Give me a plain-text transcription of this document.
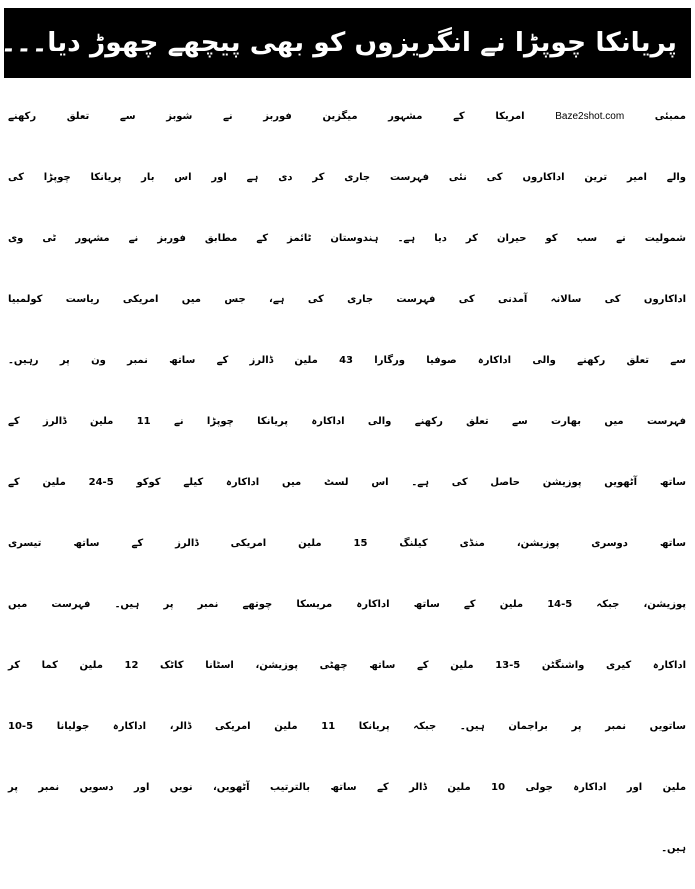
پریانکا چوپڑا نے انگریزوں کو بھی پیچھے چھوڑ دیا۔۔۔
ممبئی Baze2shot.com امریکا کے مشہور میگزین فوربز نے شوبز سے تعلق رکھنے
والے امیر ترین اداکاروں کی نئی فہرست جاری کر دی ہے اور اس بار پریانکا چوپڑا کی
شمولیت نے سب کو حیران کر دیا ہے۔ ہندوستان ٹائمز کے مطابق فوربز نے مشہور ٹی وی
اداکاروں کی سالانہ آمدنی کی فہرست جاری کی ہے، جس میں امریکی ریاست کولمبیا
سے تعلق رکھنے والی اداکارہ صوفیا ورگارا 43 ملین ڈالرز کے ساتھ نمبر ون پر رہیں۔
فہرست میں بھارت سے تعلق رکھنے والی اداکارہ پریانکا چوپڑا نے 11 ملین ڈالرز کے
ساتھ آٹھویں پوزیشن حاصل کی ہے۔ اس لسٹ میں اداکارہ کیلے کوکو 5-24 ملین کے
ساتھ دوسری پوزیشن، منڈی کیلنگ 15 ملین امریکی ڈالرز کے ساتھ تیسری
پوزیشن، جبکہ 5-14 ملین کے ساتھ اداکارہ مریسکا چوتھے نمبر پر ہیں۔ فہرست میں
اداکارہ کیری واشنگٹن 5-13 ملین کے ساتھ چھٹی پوزیشن، اسٹانا کاٹک 12 ملین کما کر
ساتویں نمبر پر براجمان ہیں۔ جبکہ پریانکا 11 ملین امریکی ڈالر، اداکارہ جولیانا 5-10
ملین اور اداکارہ جولی 10 ملین ڈالر کے ساتھ بالترتیب آٹھویں، نویں اور دسویں نمبر پر
ہیں۔
